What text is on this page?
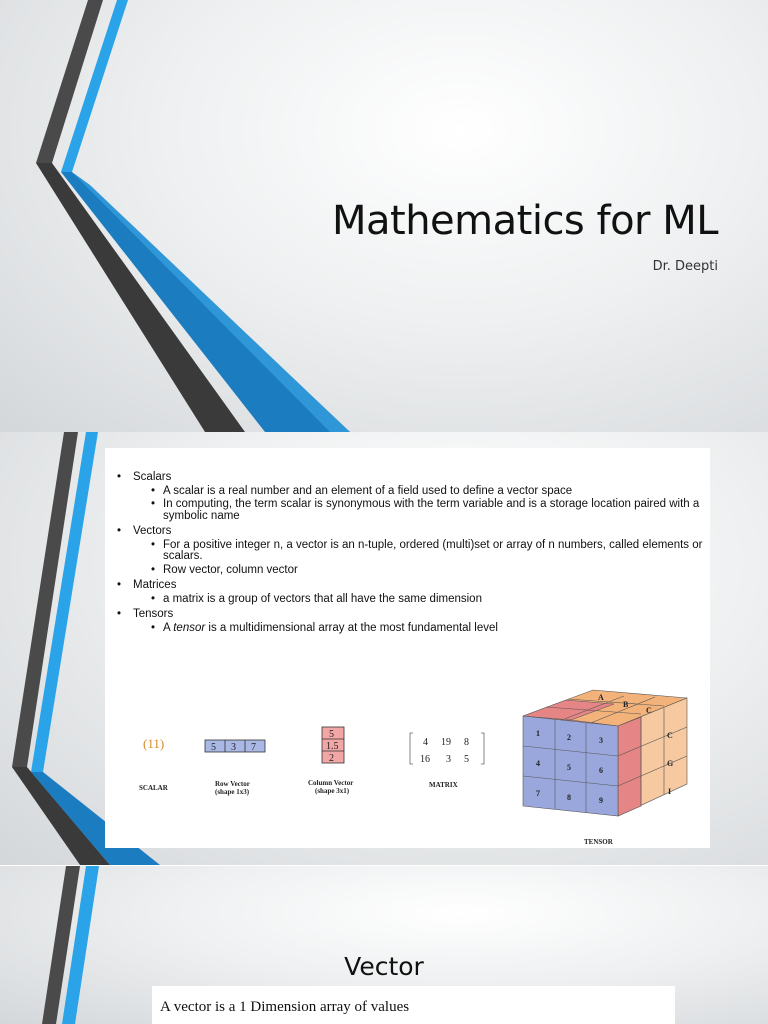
Mathematics for ML
Dr. Deepti
• Scalars
• A scalar is a real number and an element of a field used to define a vector space
• In computing, the term scalar is synonymous with the term variable and is a storage location paired with a symbolic name
• Vectors
• For a positive integer n, a vector is an n-tuple, ordered (multi)set or array of n numbers, called elements or scalars.
• Row vector, column vector
• Matrices
• a matrix is a group of vectors that all have the same dimension
• Tensors
• A tensor is a multidimensional array at the most fundamental level
(11)
SCALAR
5 3 7
Row Vector
(shape 1x3)
5
1.5
2
Column Vector
(shape 3x1)
4 19 8
16 3 5
MATRIX
1	2	3
4	5	6
7	8	9
A
B
C
C
G
I
TENSOR
Vector
A vector is a 1 Dimension array of values
